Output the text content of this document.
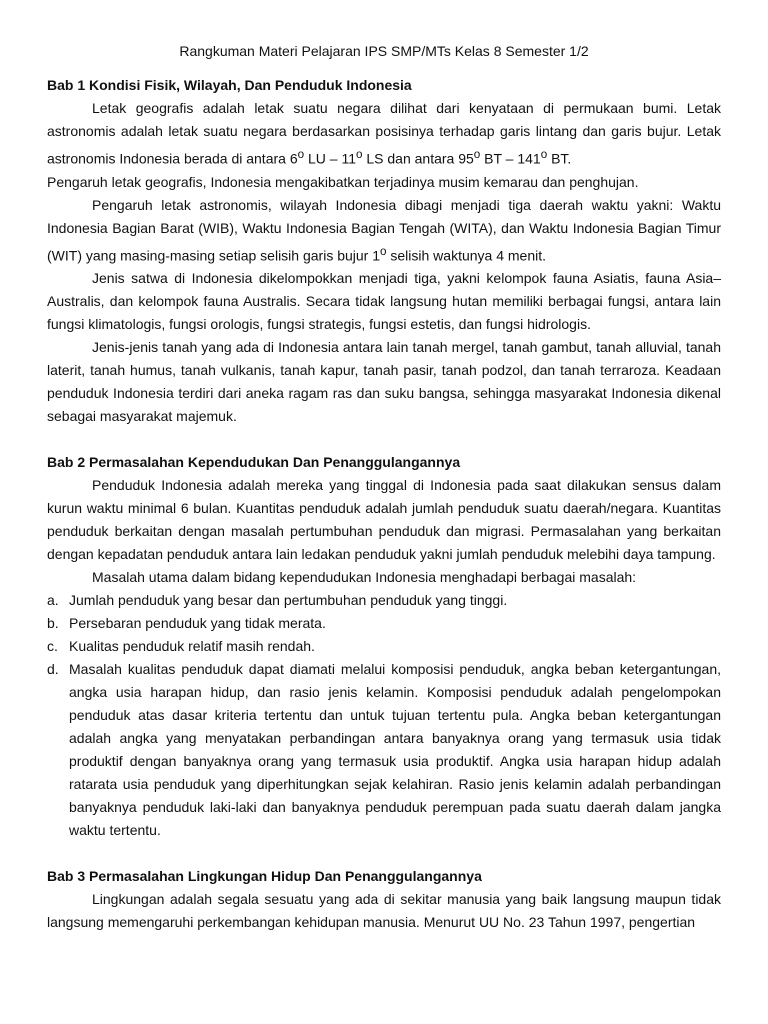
Rangkuman Materi Pelajaran IPS SMP/MTs Kelas 8 Semester 1/2
Bab 1 Kondisi Fisik, Wilayah, Dan Penduduk Indonesia

Letak geografis adalah letak suatu negara dilihat dari kenyataan di permukaan bumi. Letak astronomis adalah letak suatu negara berdasarkan posisinya terhadap garis lintang dan garis bujur. Letak astronomis Indonesia berada di antara 6$^o$ LU – 11$^o$ LS dan antara 95$^o$ BT – 141$^o$ BT.

Pengaruh letak geografis, Indonesia mengakibatkan terjadinya musim kemarau dan penghujan.

Pengaruh letak astronomis, wilayah Indonesia dibagi menjadi tiga daerah waktu yakni: Waktu Indonesia Bagian Barat (WIB), Waktu Indonesia Bagian Tengah (WITA), dan Waktu Indonesia Bagian Timur (WIT) yang masing-masing setiap selisih garis bujur 1$^o$ selisih waktunya 4 menit.

Jenis satwa di Indonesia dikelompokkan menjadi tiga, yakni kelompok fauna Asiatis, fauna Asia–Australis, dan kelompok fauna Australis. Secara tidak langsung hutan memiliki berbagai fungsi, antara lain fungsi klimatologis, fungsi orologis, fungsi strategis, fungsi estetis, dan fungsi hidrologis.

Jenis-jenis tanah yang ada di Indonesia antara lain tanah mergel, tanah gambut, tanah alluvial, tanah laterit, tanah humus, tanah vulkanis, tanah kapur, tanah pasir, tanah podzol, dan tanah terraroza. Keadaan penduduk Indonesia terdiri dari aneka ragam ras dan suku bangsa, sehingga masyarakat Indonesia dikenal sebagai masyarakat majemuk.

Bab 2 Permasalahan Kependudukan Dan Penanggulangannya

Penduduk Indonesia adalah mereka yang tinggal di Indonesia pada saat dilakukan sensus dalam kurun waktu minimal 6 bulan. Kuantitas penduduk adalah jumlah penduduk suatu daerah/negara. Kuantitas penduduk berkaitan dengan masalah pertumbuhan penduduk dan migrasi. Permasalahan yang berkaitan dengan kepadatan penduduk antara lain ledakan penduduk yakni jumlah penduduk melebihi daya tampung.

Masalah utama dalam bidang kependudukan Indonesia menghadapi berbagai masalah:

a. Jumlah penduduk yang besar dan pertumbuhan penduduk yang tinggi.
b. Persebaran penduduk yang tidak merata.
c. Kualitas penduduk relatif masih rendah.
d. Masalah kualitas penduduk dapat diamati melalui komposisi penduduk, angka beban ketergantungan, angka usia harapan hidup, dan rasio jenis kelamin. Komposisi penduduk adalah pengelompokan penduduk atas dasar kriteria tertentu dan untuk tujuan tertentu pula. Angka beban ketergantungan adalah angka yang menyatakan perbandingan antara banyaknya orang yang termasuk usia tidak produktif dengan banyaknya orang yang termasuk usia produktif. Angka usia harapan hidup adalah ratarata usia penduduk yang diperhitungkan sejak kelahiran. Rasio jenis kelamin adalah perbandingan banyaknya penduduk laki-laki dan banyaknya penduduk perempuan pada suatu daerah dalam jangka waktu tertentu.
Bab 3 Permasalahan Lingkungan Hidup Dan Penanggulangannya

Lingkungan adalah segala sesuatu yang ada di sekitar manusia yang baik langsung maupun tidak langsung memengaruhi perkembangan kehidupan manusia. Menurut UU No. 23 Tahun 1997, pengertian
